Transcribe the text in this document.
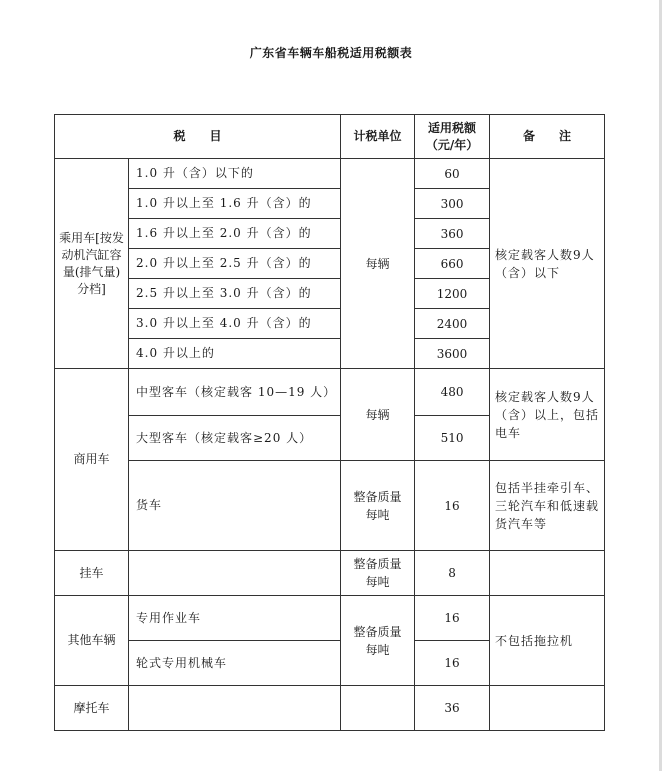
广东省车辆车船税适用税额表
税　　目		计税单位	适用税额（元/年）	备　　注
乘用车[按发动机汽缸容量(排气量)分档]	1.0 升（含）以下的	每辆	60	核定载客人数9人（含）以下
	1.0 升以上至 1.6 升（含）的		300	
	1.6 升以上至 2.0 升（含）的		360	
	2.0 升以上至 2.5 升（含）的		660	
	2.5 升以上至 3.0 升（含）的		1200	
	3.0 升以上至 4.0 升（含）的		2400	
	4.0 升以上的		3600	
商用车	中型客车（核定载客 10—19 人）	每辆	480	核定载客人数9人（含）以上，包括电车
	大型客车（核定载客≥20 人）		510	
	货车	整备质量每吨	16	包括半挂牵引车、三轮汽车和低速载货汽车等
挂车		整备质量每吨	8	
其他车辆	专用作业车	整备质量每吨	16	不包括拖拉机
	轮式专用机械车		16	
摩托车			36	
